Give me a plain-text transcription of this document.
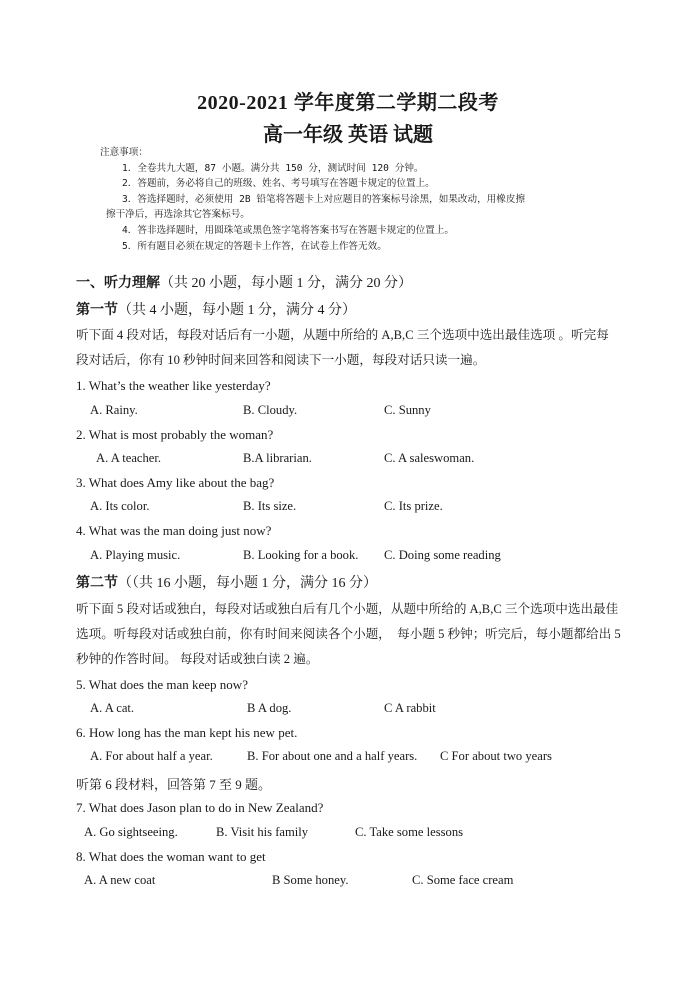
2020-2021 学年度第二学期二段考
高一年级 英语 试题
注意事项：
1．全卷共九大题，87 小题。满分共 150 分，测试时间 120 分钟。
2．答题前，务必将自己的班级、姓名、考号填写在答题卡规定的位置上。
3．答选择题时，必须使用 2B 铅笔将答题卡上对应题目的答案标号涂黑，如果改动，用橡皮擦
擦干净后，再选涂其它答案标号。
4．答非选择题时，用圆珠笔或黑色签字笔将答案书写在答题卡规定的位置上。
5．所有题目必须在规定的答题卡上作答，在试卷上作答无效。
一、听力理解（共 20 小题，每小题 1 分，满分 20 分）
第一节（共 4 小题，每小题 1 分，满分 4 分）
听下面 4 段对话，每段对话后有一小题，从题中所给的 A,B,C 三个选项中选出最佳选项 。听完每段对话后，你有 10 秒钟时间来回答和阅读下一小题，每段对话只读一遍。
1. What’s the weather like yesterday?
A. Rainy.	B. Cloudy.	C. Sunny
2. What is most probably the woman?
A. A teacher.	B.A librarian.	C. A saleswoman.
3. What does Amy like about the bag?
A. Its color.	B. Its size.	C. Its prize.
4. What was the man doing just now?
A. Playing music.	B. Looking for a book. C. Doing some reading
第二节（（共 16 小题，每小题 1 分，满分 16 分）
听下面 5 段对话或独白，每段对话或独白后有几个小题，从题中所给的 A,B,C 三个选项中选出最佳选项。听每段对话或独白前，你有时间来阅读各个小题，　每小题 5 秒钟；听完后，每小题都给出 5 秒钟的作答时间。 每段对话或独白读 2 遍。
5. What does the man keep now?
A. A cat.	B A dog.	C A rabbit
6. How long has the man kept his new pet.
A. For about half a year.	B. For about one and a half years. C For about two years
听第 6 段材料，回答第 7 至 9 题。
7. What does Jason plan to do in New Zealand?
A. Go sightseeing.	B. Visit his family	C. Take some lessons
8. What does the woman want to get
A. A new coat	B Some honey.	C. Some face cream
